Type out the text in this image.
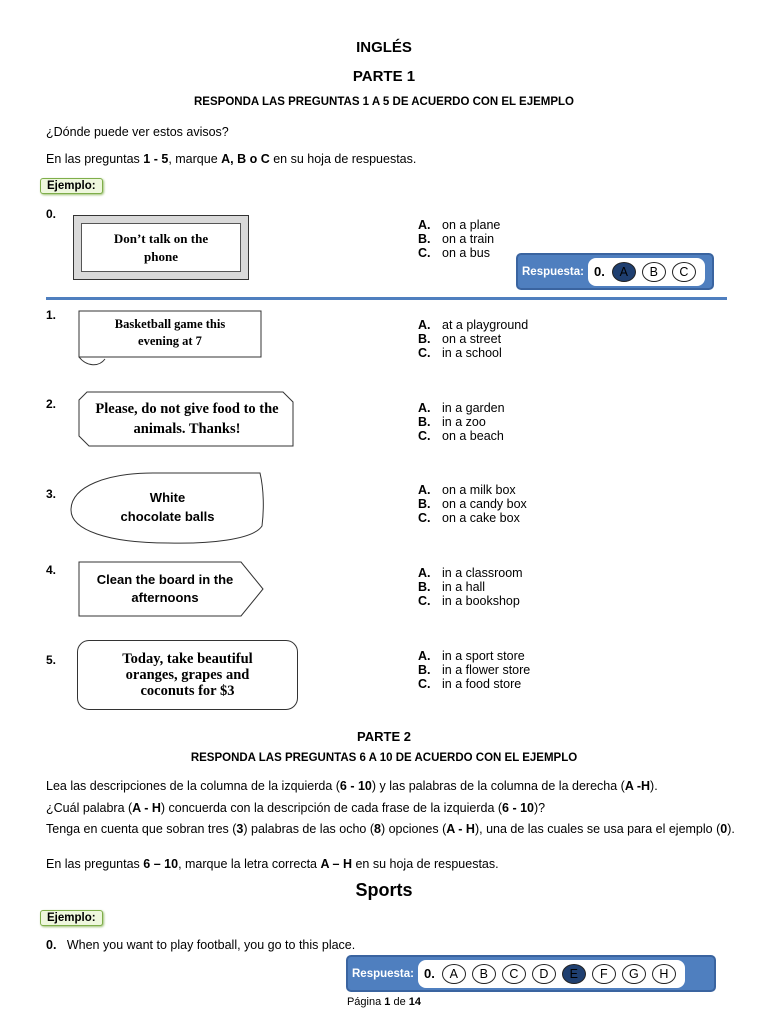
INGLÉS
PARTE 1
RESPONDA LAS PREGUNTAS 1 A 5 DE ACUERDO CON EL EJEMPLO
¿Dónde puede ver estos avisos?
En las preguntas 1 - 5, marque A, B o C en su hoja de respuestas.
Ejemplo:
0.
Don’t talk on the phone
A. on a plane
B. on a train
C. on a bus
Respuesta: 0.	A	B	C
1.
Basketball game this evening at 7
A. at a playground
B. on a street
C. in a school
2.	Please, do not give food to the animals. Thanks!
A. in a garden
B. in a zoo
C. on a beach
3.	White chocolate balls
A. on a milk box
B. on a candy box
C. on a cake box
4.
Clean the board in the afternoons
A. in a classroom
B. in a hall
C. in a bookshop
5.	Today, take beautiful oranges, grapes and coconuts for $3
A. in a sport store
B. in a flower store
C. in a food store
PARTE 2
RESPONDA LAS PREGUNTAS 6 A 10 DE ACUERDO CON EL EJEMPLO
Lea las descripciones de la columna de la izquierda (6 - 10) y las palabras de la columna de la derecha (A -H).
¿Cuál palabra (A - H) concuerda con la descripción de cada frase de la izquierda (6 - 10)?
Tenga en cuenta que sobran tres (3) palabras de las ocho (8) opciones (A - H), una de las cuales se usa para el ejemplo (0).
En las preguntas 6 – 10, marque la letra correcta A – H en su hoja de respuestas.
Sports
Ejemplo:
0. When you want to play football, you go to this place.
Respuesta: 0.	A	B	C	D	E	F	G	H
Página 1 de 14
